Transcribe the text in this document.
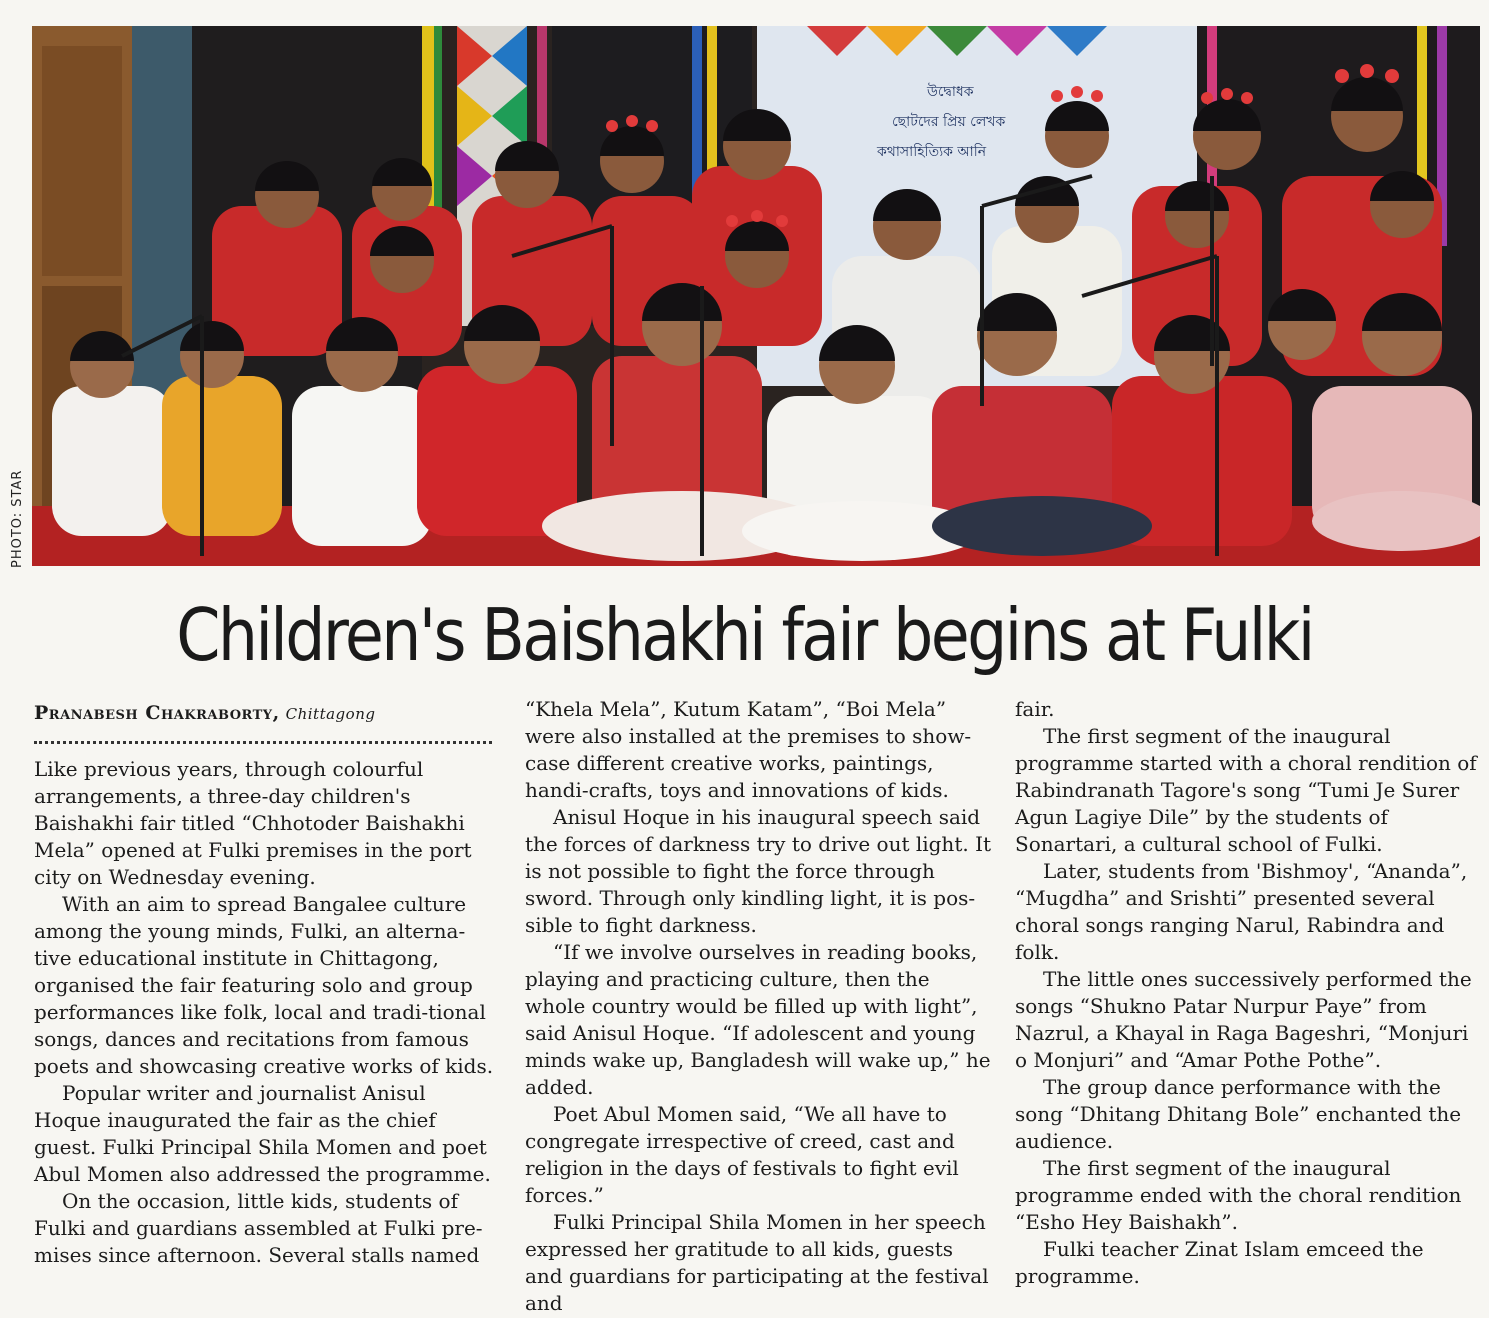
PHOTO: STAR
উদ্বোধক
ছোটদের প্রিয় লেখক
কথাসাহিত্যিক আনি
Children's Baishakhi fair begins at Fulki
Pranabesh Chakraborty, Chittagong

Like previous years, through colourful arrangements, a three-day children's Baishakhi fair titled “Chhotoder Baishakhi Mela” opened at Fulki premises in the port city on Wednesday evening.

With an aim to spread Bangalee culture among the young minds, Fulki, an alterna-tive educational institute in Chittagong, organised the fair featuring solo and group performances like folk, local and tradi-tional songs, dances and recitations from famous poets and showcasing creative works of kids.

Popular writer and journalist Anisul Hoque inaugurated the fair as the chief guest. Fulki Principal Shila Momen and poet Abul Momen also addressed the programme.

On the occasion, little kids, students of Fulki and guardians assembled at Fulki pre-mises since afternoon. Several stalls named

“Khela Mela”, Kutum Katam”, “Boi Mela” were also installed at the premises to show-case different creative works, paintings, handi-crafts, toys and innovations of kids.

Anisul Hoque in his inaugural speech said the forces of darkness try to drive out light. It is not possible to fight the force through sword. Through only kindling light, it is pos-sible to fight darkness.

“If we involve ourselves in reading books, playing and practicing culture, then the whole country would be filled up with light”, said Anisul Hoque. “If adolescent and young minds wake up, Bangladesh will wake up,” he added.

Poet Abul Momen said, “We all have to congregate irrespective of creed, cast and religion in the days of festivals to fight evil forces.”

Fulki Principal Shila Momen in her speech expressed her gratitude to all kids, guests and guardians for participating at the festival and

fair.

The first segment of the inaugural programme started with a choral rendition of Rabindranath Tagore's song “Tumi Je Surer Agun Lagiye Dile” by the students of Sonartari, a cultural school of Fulki.

Later, students from 'Bishmoy', “Ananda”, “Mugdha” and Srishti” presented several choral songs ranging Narul, Rabindra and folk.

The little ones successively performed the songs “Shukno Patar Nurpur Paye” from Nazrul, a Khayal in Raga Bageshri, “Monjuri o Monjuri” and “Amar Pothe Pothe”.

The group dance performance with the song “Dhitang Dhitang Bole” enchanted the audience.

The first segment of the inaugural programme ended with the choral rendition “Esho Hey Baishakh”.

Fulki teacher Zinat Islam emceed the programme.
